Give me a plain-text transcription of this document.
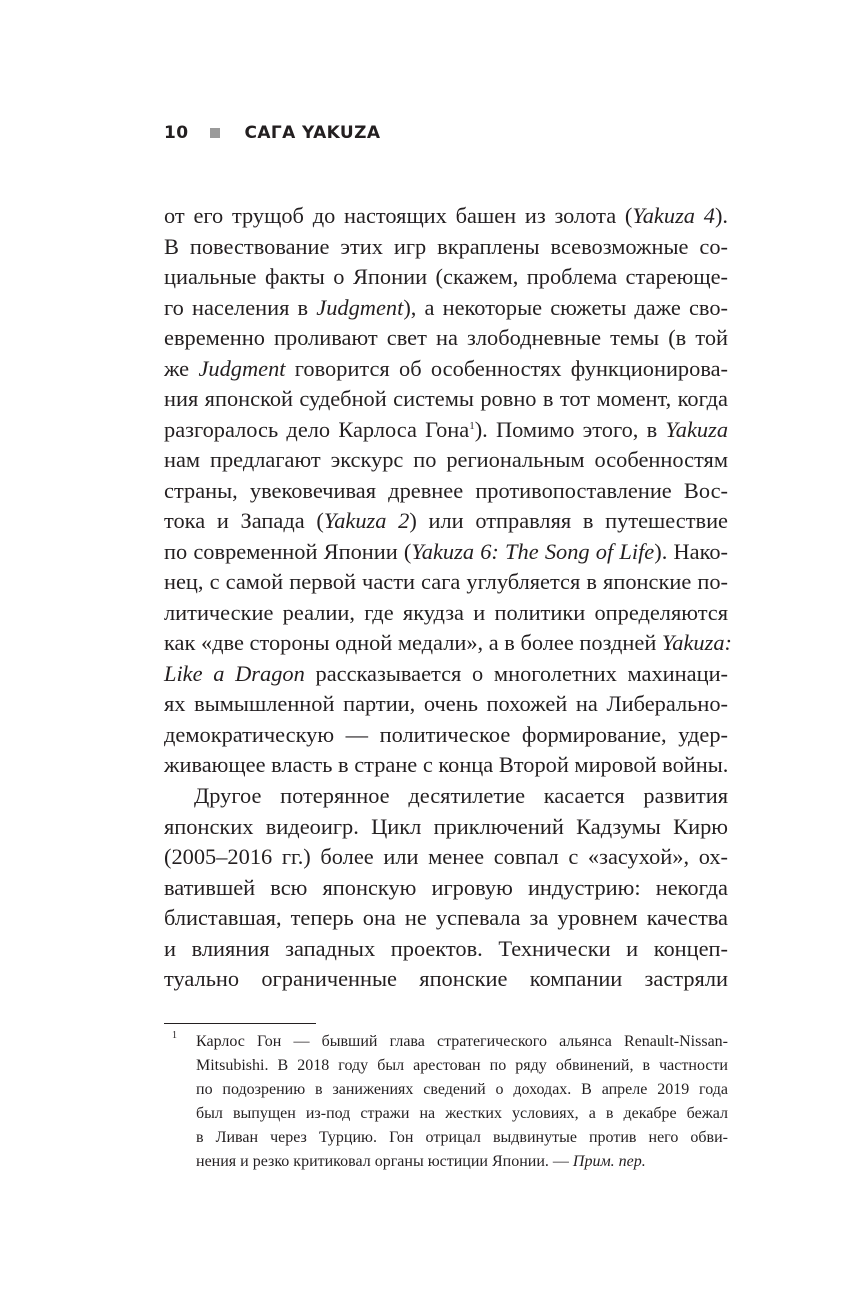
10	САГА YAKUZA
от его трущоб до настоящих башен из золота (Yakuza 4).
В повествование этих игр вкраплены всевозможные со-
циальные факты о Японии (скажем, проблема стареюще-
го населения в Judgment), а некоторые сюжеты даже сво-
евременно проливают свет на злободневные темы (в той
же Judgment говорится об особенностях функционирова-
ния японской судебной системы ровно в тот момент, когда
разгоралось дело Карлоса Гона$^1$). Помимо этого, в Yakuza
нам предлагают экскурс по региональным особенностям
страны, увековечивая древнее противопоставление Вос-
тока и Запада (Yakuza 2) или отправляя в путешествие
по современной Японии (Yakuza 6: The Song of Life). Нако-
нец, с самой первой части сага углубляется в японские по-
литические реалии, где якудза и политики определяются
как «две стороны одной медали», а в более поздней Yakuza:
Like a Dragon рассказывается о многолетних махинаци-
ях вымышленной партии, очень похожей на Либерально-
демократическую — политическое формирование, удер-
живающее власть в стране с конца Второй мировой войны.
Другое потерянное десятилетие касается развития
японских видеоигр. Цикл приключений Кадзумы Кирю
(2005–2016 гг.) более или менее совпал с «засухой», ох-
ватившей всю японскую игровую индустрию: некогда
блиставшая, теперь она не успевала за уровнем качества
и влияния западных проектов. Технически и концеп-
туально ограниченные японские компании застряли
1 Карлос Гон — бывший глава стратегического альянса Renault-Nissan-
Mitsubishi. В 2018 году был арестован по ряду обвинений, в частности
по подозрению в занижениях сведений о доходах. В апреле 2019 года
был выпущен из-под стражи на жестких условиях, а в декабре бежал
в Ливан через Турцию. Гон отрицал выдвинутые против него обви-
нения и резко критиковал органы юстиции Японии. — Прим. пер.
